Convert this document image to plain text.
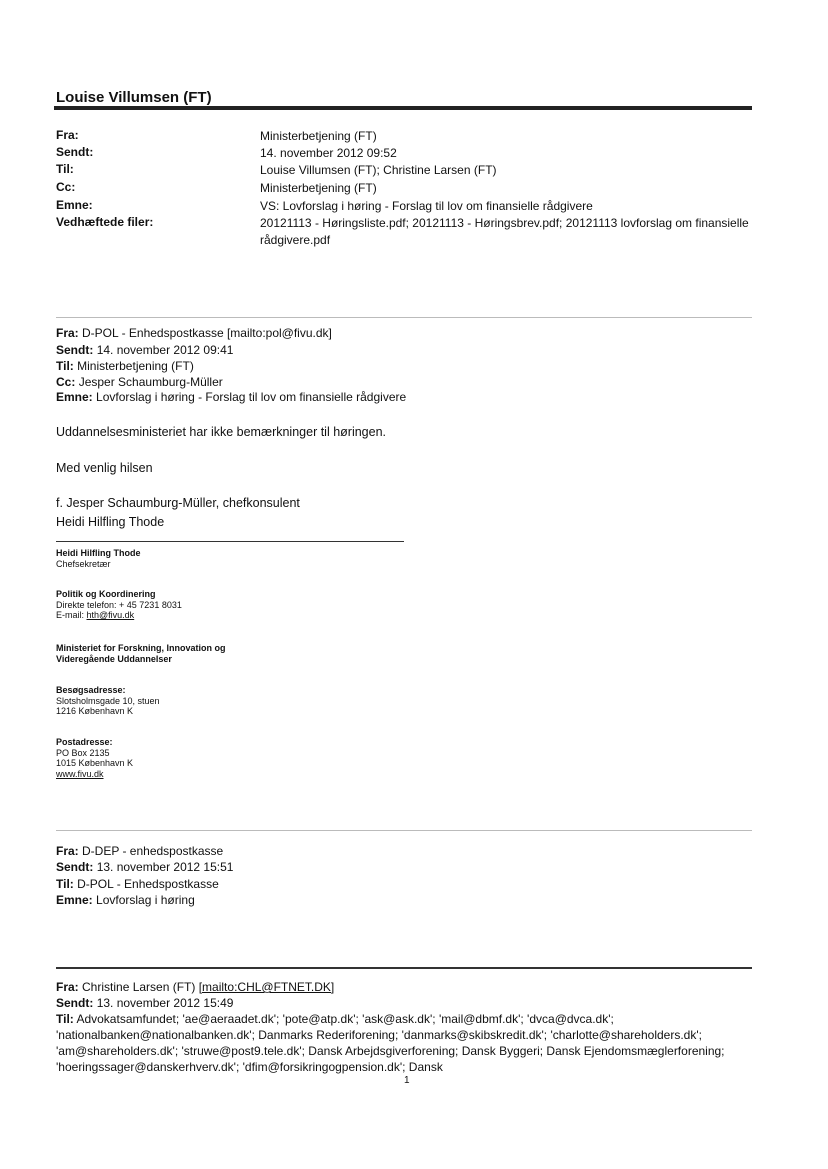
Louise Villumsen (FT)
Fra:	Ministerbetjening (FT)
Sendt:	14. november 2012 09:52
Til:	Louise Villumsen (FT); Christine Larsen (FT)
Cc:	Ministerbetjening (FT)
Emne:	VS: Lovforslag i høring - Forslag til lov om finansielle rådgivere
Vedhæftede filer:	20121113 - Høringsliste.pdf; 20121113 - Høringsbrev.pdf; 20121113 lovforslag om finansielle rådgivere.pdf
Fra: D-POL - Enhedspostkasse [mailto:pol@fivu.dk]
Sendt: 14. november 2012 09:41
Til: Ministerbetjening (FT)
Cc: Jesper Schaumburg-Müller
Emne: Lovforslag i høring - Forslag til lov om finansielle rådgivere
Uddannelsesministeriet har ikke bemærkninger til høringen.
Med venlig hilsen
f. Jesper Schaumburg-Müller, chefkonsulent
Heidi Hilfling Thode
Heidi Hilfling Thode
Chefsekretær
Politik og Koordinering
Direkte telefon: + 45 7231 8031
E-mail: hth@fivu.dk
Ministeriet for Forskning, Innovation og
Videregående Uddannelser
Besøgsadresse:
Slotsholmsgade 10, stuen
1216 København K
Postadresse:
PO Box 2135
1015 København K
www.fivu.dk
Fra: D-DEP - enhedspostkasse
Sendt: 13. november 2012 15:51
Til: D-POL - Enhedspostkasse
Emne: Lovforslag i høring
Fra: Christine Larsen (FT) [mailto:CHL@FTNET.DK]
Sendt: 13. november 2012 15:49
Til: Advokatsamfundet; 'ae@aeraadet.dk'; 'pote@atp.dk'; 'ask@ask.dk'; 'mail@dbmf.dk'; 'dvca@dvca.dk'; 'nationalbanken@nationalbanken.dk'; Danmarks Rederiforening; 'danmarks@skibskredit.dk'; 'charlotte@shareholders.dk'; 'am@shareholders.dk'; 'struwe@post9.tele.dk'; Dansk Arbejdsgiverforening; Dansk Byggeri; Dansk Ejendomsmæglerforening; 'hoeringssager@danskerhverv.dk'; 'dfim@forsikringogpension.dk'; Dansk
1
